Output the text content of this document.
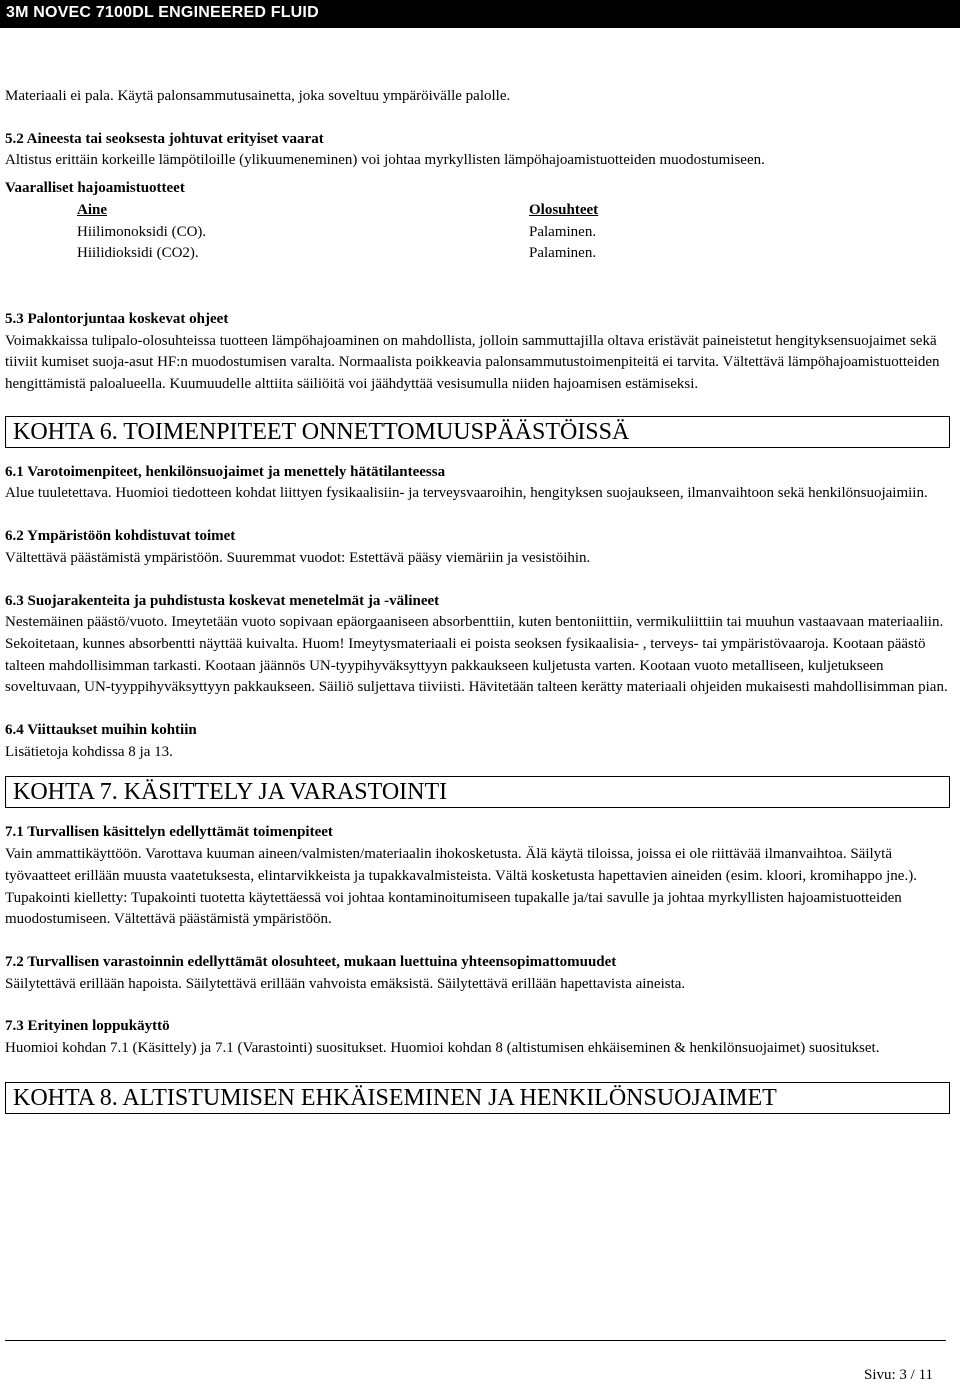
3M NOVEC 7100DL ENGINEERED FLUID

Materiaali ei pala. Käytä palonsammutusainetta, joka soveltuu ympäröivälle palolle.

5.2 Aineesta tai seoksesta johtuvat erityiset vaarat

Altistus erittäin korkeille lämpötiloille (ylikuumeneminen) voi johtaa myrkyllisten lämpöhajoamistuotteiden muodostumiseen.

Vaaralliset hajoamistuotteet

Aine	Olosuhteet
Hiilimonoksidi (CO).	Palaminen.
Hiilidioksidi (CO2).	Palaminen.

5.3 Palontorjuntaa koskevat ohjeet

Voimakkaissa tulipalo-olosuhteissa tuotteen lämpöhajoaminen on mahdollista, jolloin sammuttajilla oltava eristävät paineistetut hengityksensuojaimet sekä tiiviit kumiset suoja-asut HF:n muodostumisen varalta. Normaalista poikkeavia palonsammutustoimenpiteitä ei tarvita. Vältettävä lämpöhajoamistuotteiden hengittämistä paloalueella. Kuumuudelle alttiita säiliöitä voi jäähdyttää vesisumulla niiden hajoamisen estämiseksi.

KOHTA 6. TOIMENPITEET ONNETTOMUUSPÄÄSTÖISSÄ

6.1 Varotoimenpiteet, henkilönsuojaimet ja menettely hätätilanteessa

Alue tuuletettava. Huomioi tiedotteen kohdat liittyen fysikaalisiin- ja terveysvaaroihin, hengityksen suojaukseen, ilmanvaihtoon sekä henkilönsuojaimiin.

6.2 Ympäristöön kohdistuvat toimet

Vältettävä päästämistä ympäristöön. Suuremmat vuodot: Estettävä pääsy viemäriin ja vesistöihin.

6.3 Suojarakenteita ja puhdistusta koskevat menetelmät ja -välineet

Nestemäinen päästö/vuoto. Imeytetään vuoto sopivaan epäorgaaniseen absorbenttiin, kuten bentoniittiin, vermikuliittiin tai muuhun vastaavaan materiaaliin. Sekoitetaan, kunnes absorbentti näyttää kuivalta. Huom! Imeytysmateriaali ei poista seoksen fysikaalisia- , terveys- tai ympäristövaaroja. Kootaan päästö talteen mahdollisimman tarkasti. Kootaan jäännös UN-tyypihyväksyttyyn pakkaukseen kuljetusta varten. Kootaan vuoto metalliseen, kuljetukseen soveltuvaan, UN-tyyppihyväksyttyyn pakkaukseen. Säiliö suljettava tiiviisti. Hävitetään talteen kerätty materiaali ohjeiden mukaisesti mahdollisimman pian.

6.4 Viittaukset muihin kohtiin

Lisätietoja kohdissa 8 ja 13.

KOHTA 7. KÄSITTELY JA VARASTOINTI

7.1 Turvallisen käsittelyn edellyttämät toimenpiteet

Vain ammattikäyttöön. Varottava kuuman aineen/valmisten/materiaalin ihokosketusta. Älä käytä tiloissa, joissa ei ole riittävää ilmanvaihtoa. Säilytä työvaatteet erillään muusta vaatetuksesta, elintarvikkeista ja tupakkavalmisteista. Vältä kosketusta hapettavien aineiden (esim. kloori, kromihappo jne.). Tupakointi kielletty: Tupakointi tuotetta käytettäessä voi johtaa kontaminoitumiseen tupakalle ja/tai savulle ja johtaa myrkyllisten hajoamistuotteiden muodostumiseen. Vältettävä päästämistä ympäristöön.

7.2 Turvallisen varastoinnin edellyttämät olosuhteet, mukaan luettuina yhteensopimattomuudet

Säilytettävä erillään hapoista. Säilytettävä erillään vahvoista emäksistä. Säilytettävä erillään hapettavista aineista.

7.3 Erityinen loppukäyttö

Huomioi kohdan 7.1 (Käsittely) ja 7.1 (Varastointi) suositukset. Huomioi kohdan 8 (altistumisen ehkäiseminen & henkilönsuojaimet) suositukset.

KOHTA 8. ALTISTUMISEN EHKÄISEMINEN JA HENKILÖNSUOJAIMET
Sivu: 3 / 11
